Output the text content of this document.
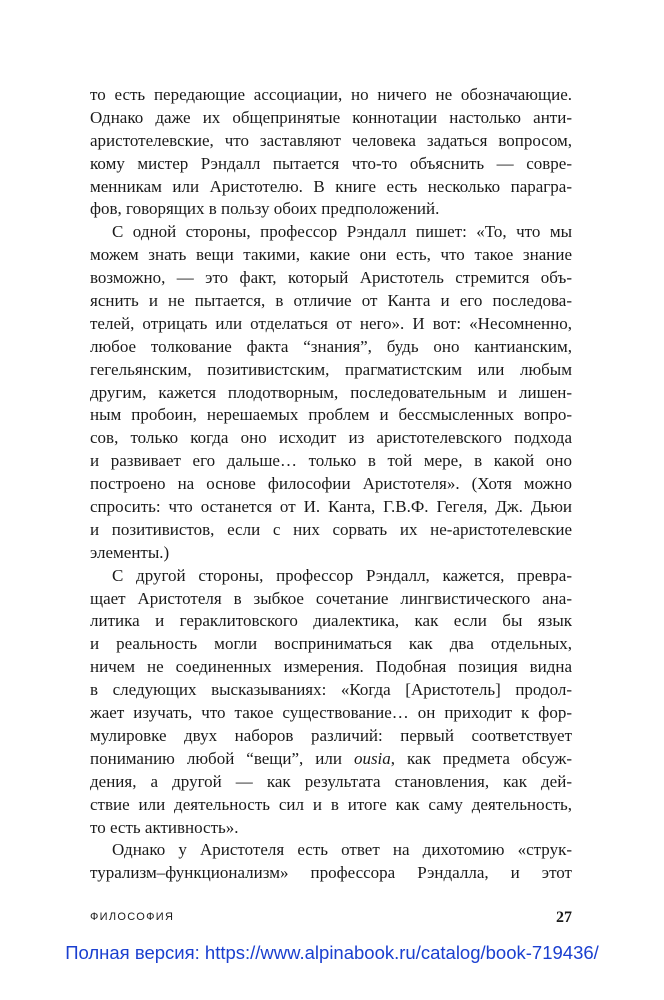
то есть передающие ассоциации, но ничего не обозначающие.
Однако даже их общепринятые коннотации настолько анти-
аристотелевские, что заставляют человека задаться вопросом,
кому мистер Рэндалл пытается что-то объяснить — совре-
менникам или Аристотелю. В книге есть несколько парагра-
фов, говорящих в пользу обоих предположений.
С одной стороны, профессор Рэндалл пишет: «То, что мы
можем знать вещи такими, какие они есть, что такое знание
возможно, — это факт, который Аристотель стремится объ-
яснить и не пытается, в отличие от Канта и его последова-
телей, отрицать или отделаться от него». И вот: «Несомненно,
любое толкование факта “знания”, будь оно кантианским,
гегельянским, позитивистским, прагматистским или любым
другим, кажется плодотворным, последовательным и лишен-
ным пробоин, нерешаемых проблем и бессмысленных вопро-
сов, только когда оно исходит из аристотелевского подхода
и развивает его дальше… только в той мере, в какой оно
построено на основе философии Аристотеля». (Хотя можно
спросить: что останется от И. Канта, Г.В.Ф. Гегеля, Дж. Дьюи
и позитивистов, если с них сорвать их не-аристотелевские
элементы.)
С другой стороны, профессор Рэндалл, кажется, превра-
щает Аристотеля в зыбкое сочетание лингвистического ана-
литика и гераклитовского диалектика, как если бы язык
и реальность могли восприниматься как два отдельных,
ничем не соединенных измерения. Подобная позиция видна
в следующих высказываниях: «Когда [Аристотель] продол-
жает изучать, что такое существование… он приходит к фор-
мулировке двух наборов различий: первый соответствует
пониманию любой “вещи”, или ousia, как предмета обсуж-
дения, а другой — как результата становления, как дей-
ствие или деятельность сил и в итоге как саму деятельность,
то есть активность».
Однако у Аристотеля есть ответ на дихотомию «струк-
турализм–функционализм» профессора Рэндалла, и этот
ФИЛОСОФИЯ	27
Полная версия: https://www.alpinabook.ru/catalog/book-719436/
